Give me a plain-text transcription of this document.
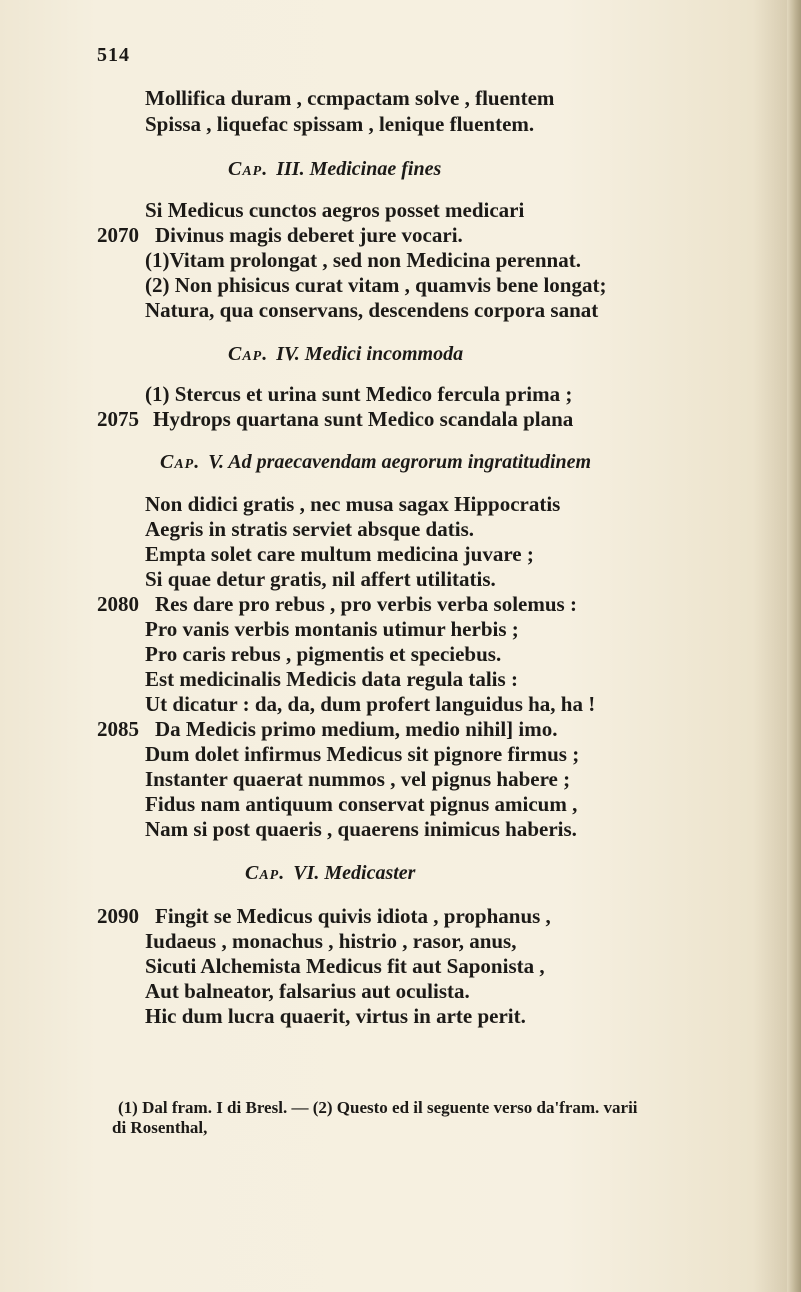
514
Mollifica duram , ccmpactam solve , fluentem
Spissa , liquefac spissam , lenique fluentem.
Cap. III. Medicinae fines
Si Medicus cunctos aegros posset medicari
2070 Divinus magis deberet jure vocari.
(1)Vitam prolongat , sed non Medicina perennat.
(2) Non phisicus curat vitam , quamvis bene longat;
Natura, qua conservans, descendens corpora sanat
Cap. IV. Medici incommoda
(1) Stercus et urina sunt Medico fercula prima ;
2075 Hydrops quartana sunt Medico scandala plana
Cap. V. Ad praecavendam aegrorum ingratitudinem
Non didici gratis , nec musa sagax Hippocratis
Aegris in stratis serviet absque datis.
Empta solet care multum medicina juvare ;
Si quae detur gratis, nil affert utilitatis.
2080 Res dare pro rebus , pro verbis verba solemus :
Pro vanis verbis montanis utimur herbis ;
Pro caris rebus , pigmentis et speciebus.
Est medicinalis Medicis data regula talis :
Ut dicatur : da, da, dum profert languidus ha, ha !
2085 Da Medicis primo medium, medio nihil] imo.
Dum dolet infirmus Medicus sit pignore firmus ;
Instanter quaerat nummos , vel pignus habere ;
Fidus nam antiquum conservat pignus amicum ,
Nam si post quaeris , quaerens inimicus haberis.
Cap. VI. Medicaster
2090 Fingit se Medicus quivis idiota , prophanus ,
Iudaeus , monachus , histrio , rasor, anus,
Sicuti Alchemista Medicus fit aut Saponista ,
Aut balneator, falsarius aut oculista.
Hic dum lucra quaerit, virtus in arte perit.
(1) Dal fram. I di Bresl. — (2) Questo ed il seguente verso da'fram. varii
di Rosenthal,
